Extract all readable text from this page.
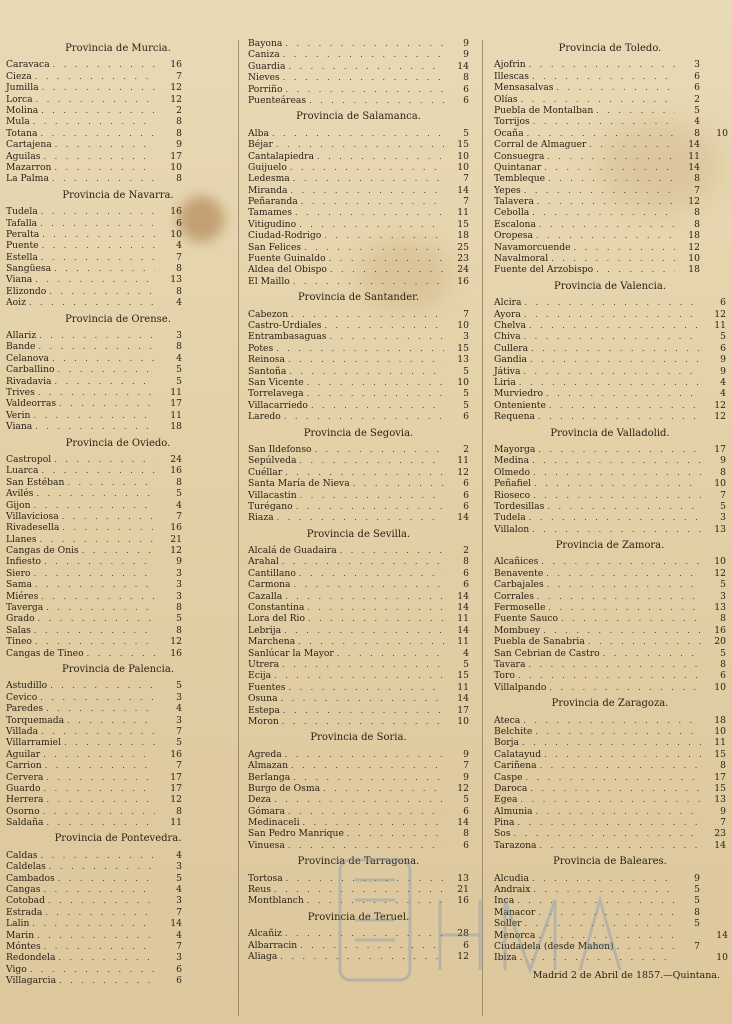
Provincia de Murcia.
Caravaca . . .	16
Cieza . . .	7
Jumilla . . .	12
Lorca . . .	12
Molina . . .	2
Mula . . .	8
Totana . . .	8
Cartajena . . .	9
Aguilas . . .	17
Mazarron . . .	10
La Palma . . .	8
Provincia de Navarra.
Tudela . . .	16
Tafalla . . .	6
Peralta . . .	10
Puente . . .	4
Estella . . .	7
Sangüesa . . .	8
Viana . . .	13
Elizondo . . .	8
Aoiz . . .	4
Provincia de Orense.
Allariz . . .	3
Bande . . .	8
Celanova . . .	4
Carballino . . .	5
Rivadavia . . .	5
Trives . . .	11
Valdeorras . . .	17
Verin . . .	11
Viana . . .	18
Provincia de Oviedo.
Castropol . . .	24
Luarca . . .	16
San Estéban . . .	8
Avilés . . .	5
Gijon . . .	4
Villaviciosa . . .	7
Rivadesella . . .	16
Llanes . . .	21
Cangas de Onis . . .	12
Infiesto . . .	9
Siero . . .	3
Sama . . .	3
Miéres . . .	3
Taverga . . .	8
Grado . . .	5
Salas . . .	8
Tineo . . .	12
Cangas de Tineo . . .	16
Provincia de Palencia.
Astudillo . . .	5
Cevico . . .	3
Paredes . . .	4
Torquemada . . .	3
Villada . . .	7
Villarramiel . . .	5
Aguilar . . .	16
Carrion . . .	7
Cervera . . .	17
Guardo . . .	17
Herrera . . .	12
Osorno . . .	8
Saldaña . . .	11
Provincia de Pontevedra.
Caldas . . .	4
Caldelas . . .	3
Cambados . . .	5
Cangas . . .	4
Cotobad . . .	3
Estrada . . .	7
Lalin . . .	14
Marin . . .	4
Móntes . . .	7
Redondela . . .	3
Vigo . . .	6
Villagarcia . . .	6
Bayona . . .	9
Caniza . . .	9
Guardia . . .	14
Nieves . . .	8
Porriño . . .	6
Puenteáreas . . .	6
Provincia de Salamanca.
Alba . . .	5
Béjar . . .	15
Cantalapiedra . . .	10
Guijuelo . . .	10
Ledesma . . .	7
Miranda . . .	14
Peñaranda . . .	7
Tamames . . .	11
Vitigudino . . .	15
Ciudad-Rodrigo . . .	18
San Felices . . .	25
Fuente Guinaldo . . .	23
Aldea del Obispo . . .	24
El Maillo . . .	16
Provincia de Santander.
Cabezon . . .	7
Castro-Urdiales . . .	10
Entrambasaguas . . .	3
Potes . . .	15
Reinosa . . .	13
Santoña . . .	5
San Vicente . . .	10
Torrelavega . . .	5
Villacarriedo . . .	5
Laredo . . .	6
Provincia de Segovia.
San Ildefonso . . .	2
Sepúlveda . . .	11
Cuéllar . . .	12
Santa María de Nieva . . .	6
Villacastin . . .	6
Turégano . . .	6
Riaza . . .	14
Provincia de Sevilla.
Alcalá de Guadaira . . .	2
Arahal . . .	8
Cantillano . . .	6
Carmona . . .	6
Cazalla . . .	14
Constantina . . .	14
Lora del Rio . . .	11
Lebrija . . .	14
Marchena . . .	11
Sanlúcar la Mayor . . .	4
Utrera . . .	5
Ecija . . .	15
Fuentes . . .	11
Osuna . . .	14
Estepa . . .	17
Moron . . .	10
Provincia de Soria.
Agreda . . .	9
Almazan . . .	7
Berlanga . . .	9
Burgo de Osma . . .	12
Deza . . .	5
Gómara . . .	6
Medinaceli . . .	14
San Pedro Manrique . . .	8
Vinuesa . . .	6
Provincia de Tarragona.
Tortosa . . .	13
Reus . . .	21
Montblanch . . .	16
Provincia de Teruel.
Alcañiz . . .	28
Albarracin . . .	6
Aliaga . . .	12
Provincia de Toledo.
Ajofrin . . .	3
Illescas . . .	6
Mensasalvas . . .	6
Olías . . .	2
Puebla de Montalban . . .	5
Torrijos . . .	4
Ocaña . . .	8	10
Corral de Almaguer . . .	14
Consuegra . . .	11
Quintanar . . .	14
Tembleque . . .	8
Yepes . . .	7
Talavera . . .	12
Cebolla . . .	8
Escalona . . .	8
Oropesa . . .	18
Navamorcuende . . .	12
Navalmoral . . .	10
Fuente del Arzobispo . . .	18
Provincia de Valencia.
Alcira . . .	6
Ayora . . .	12
Chelva . . .	11
Chiva . . .	5
Cullera . . .	6
Gandia . . .	9
Játiva . . .	9
Liria . . .	4
Murviedro . . .	4
Onteniente . . .	12
Requena . . .	12
Provincia de Valladolid.
Mayorga . . .	17
Medina . . .	9
Olmedo . . .	8
Peñafiel . . .	10
Rioseco . . .	7
Tordesillas . . .	5
Tudela . . .	3
Villalon . . .	13
Provincia de Zamora.
Alcañices . . .	10
Benavente . . .	12
Carbajales . . .	5
Corrales . . .	3
Fermoselle . . .	13
Fuente Sauco . . .	8
Mombuey . . .	16
Puebla de Sanabria . . .	20
San Cebrian de Castro . . .	5
Tavara . . .	8
Toro . . .	6
Villalpando . . .	10
Provincia de Zaragoza.
Ateca . . .	18
Belchite . . .	10
Borja . . .	11
Calatayud . . .	15
Cariñena . . .	8
Caspe . . .	17
Daroca . . .	15
Egea . . .	13
Almunia . . .	9
Pina . . .	7
Sos . . .	23
Tarazona . . .	14
Provincia de Baleares.
Alcudia . . .	9
Andraix . . .	5
Inca . . .	5
Manacor . . .	8
Soller . . .	5
Menorca . . .	14
Ciudadela (desde Mahon) . . .	7
Ibiza . . .	10
Madrid 2 de Abril de 1857.—Quintana.
